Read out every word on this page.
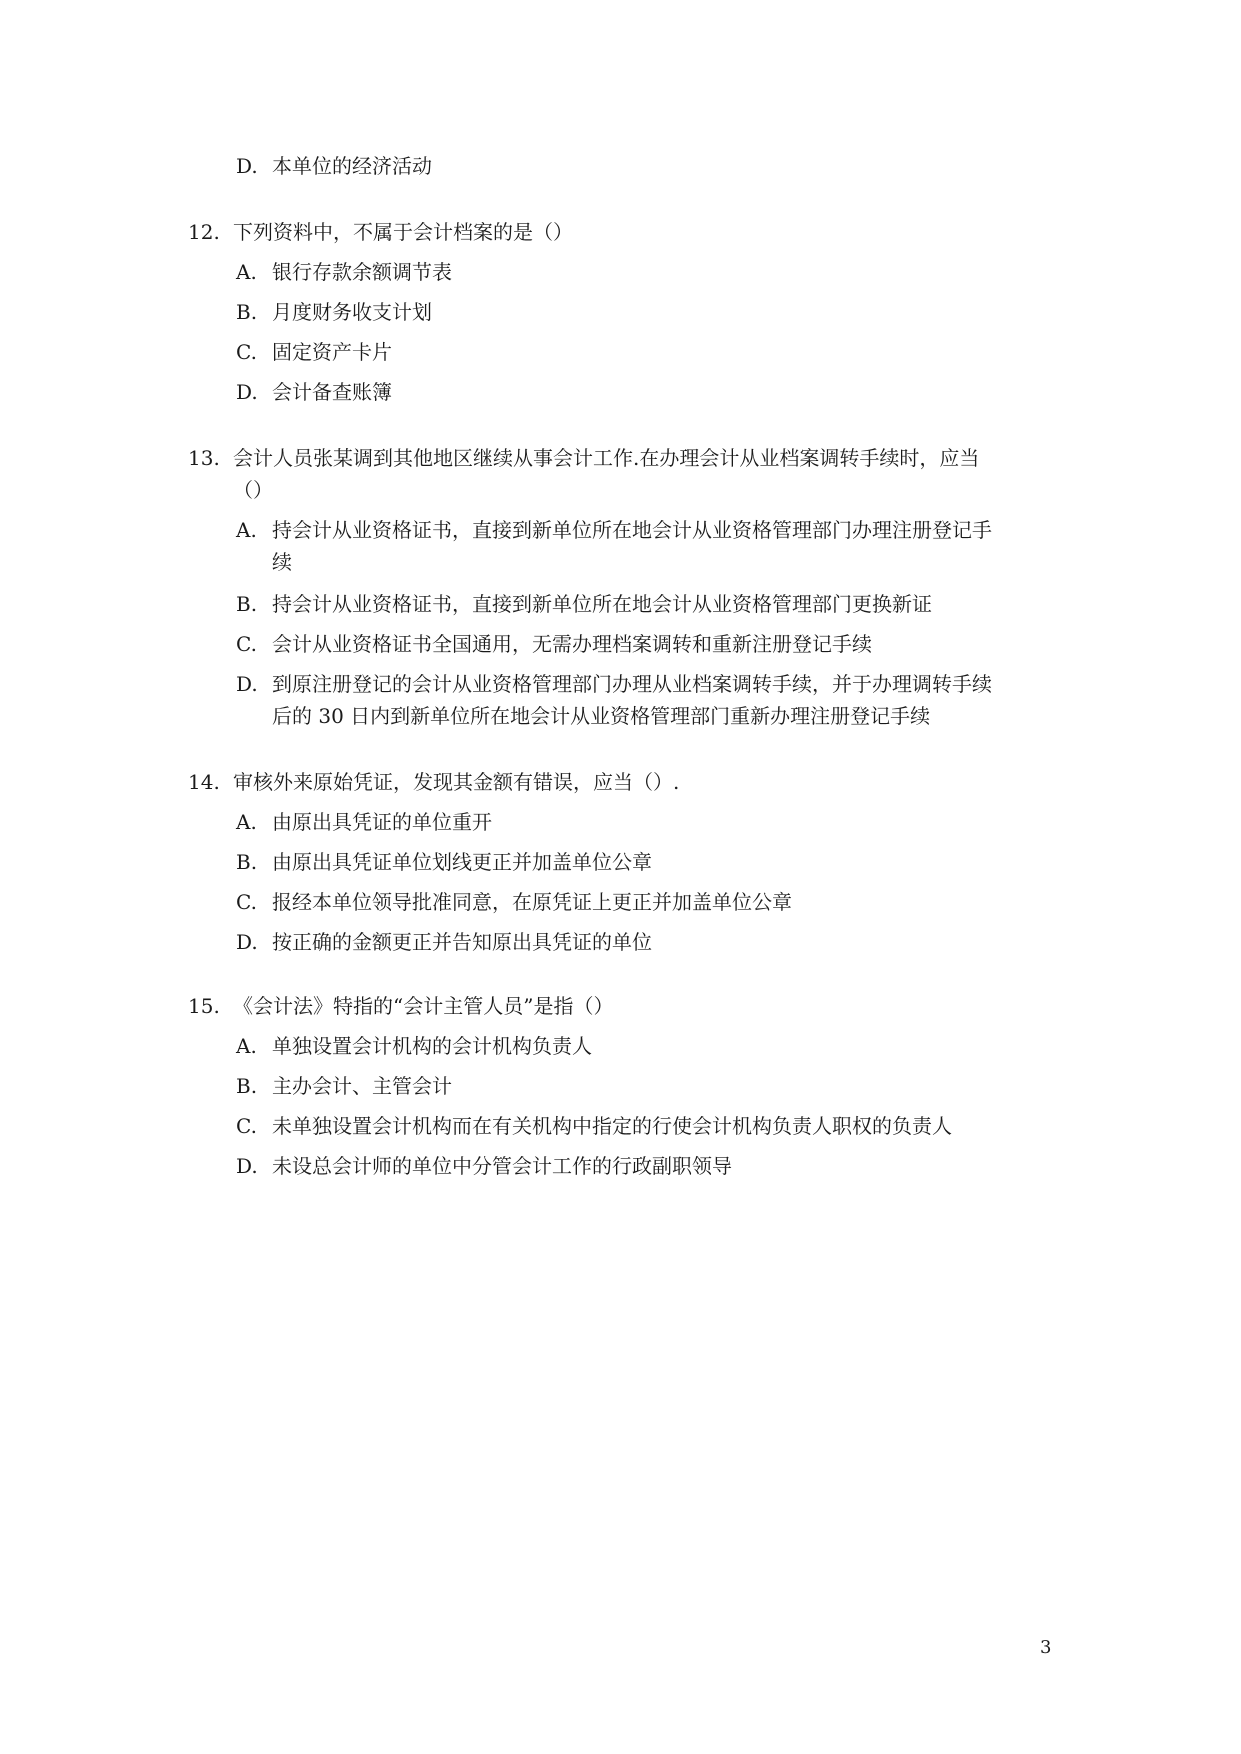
D. 本单位的经济活动
12. 下列资料中，不属于会计档案的是（）
A. 银行存款余额调节表
B. 月度财务收支计划
C. 固定资产卡片
D. 会计备查账簿
13. 会计人员张某调到其他地区继续从事会计工作.在办理会计从业档案调转手续时，应当
（）
A. 持会计从业资格证书，直接到新单位所在地会计从业资格管理部门办理注册登记手
续
B. 持会计从业资格证书，直接到新单位所在地会计从业资格管理部门更换新证
C. 会计从业资格证书全国通用，无需办理档案调转和重新注册登记手续
D. 到原注册登记的会计从业资格管理部门办理从业档案调转手续，并于办理调转手续
后的 30 日内到新单位所在地会计从业资格管理部门重新办理注册登记手续
14. 审核外来原始凭证，发现其金额有错误，应当（）.
A. 由原出具凭证的单位重开
B. 由原出具凭证单位划线更正并加盖单位公章
C. 报经本单位领导批准同意，在原凭证上更正并加盖单位公章
D. 按正确的金额更正并告知原出具凭证的单位
15. 《会计法》特指的“会计主管人员”是指（）
A. 单独设置会计机构的会计机构负责人
B. 主办会计、主管会计
C. 未单独设置会计机构而在有关机构中指定的行使会计机构负责人职权的负责人
D. 未设总会计师的单位中分管会计工作的行政副职领导
3
